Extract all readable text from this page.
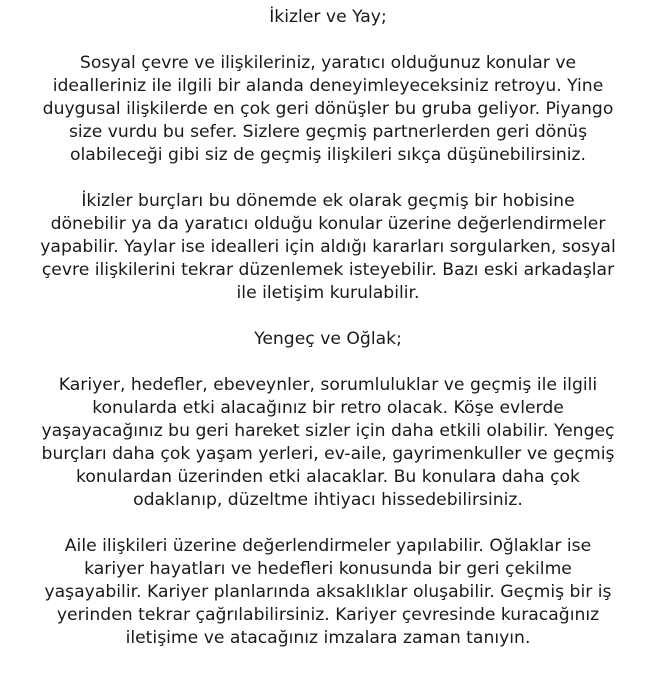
İkizler ve Yay;
Sosyal çevre ve ilişkileriniz, yaratıcı olduğunuz konular ve
idealleriniz ile ilgili bir alanda deneyimleyeceksiniz retroyu. Yine
duygusal ilişkilerde en çok geri dönüşler bu gruba geliyor. Piyango
size vurdu bu sefer. Sizlere geçmiş partnerlerden geri dönüş
olabileceği gibi siz de geçmiş ilişkileri sıkça düşünebilirsiniz.
İkizler burçları bu dönemde ek olarak geçmiş bir hobisine
dönebilir ya da yaratıcı olduğu konular üzerine değerlendirmeler
yapabilir. Yaylar ise idealleri için aldığı kararları sorgularken, sosyal
çevre ilişkilerini tekrar düzenlemek isteyebilir. Bazı eski arkadaşlar
ile iletişim kurulabilir.
Yengeç ve Oğlak;
Kariyer, hedefler, ebeveynler, sorumluluklar ve geçmiş ile ilgili
konularda etki alacağınız bir retro olacak. Köşe evlerde
yaşayacağınız bu geri hareket sizler için daha etkili olabilir. Yengeç
burçları daha çok yaşam yerleri, ev-aile, gayrimenkuller ve geçmiş
konulardan üzerinden etki alacaklar. Bu konulara daha çok
odaklanıp, düzeltme ihtiyacı hissedebilirsiniz.
Aile ilişkileri üzerine değerlendirmeler yapılabilir. Oğlaklar ise
kariyer hayatları ve hedefleri konusunda bir geri çekilme
yaşayabilir. Kariyer planlarında aksaklıklar oluşabilir. Geçmiş bir iş
yerinden tekrar çağrılabilirsiniz. Kariyer çevresinde kuracağınız
iletişime ve atacağınız imzalara zaman tanıyın.
